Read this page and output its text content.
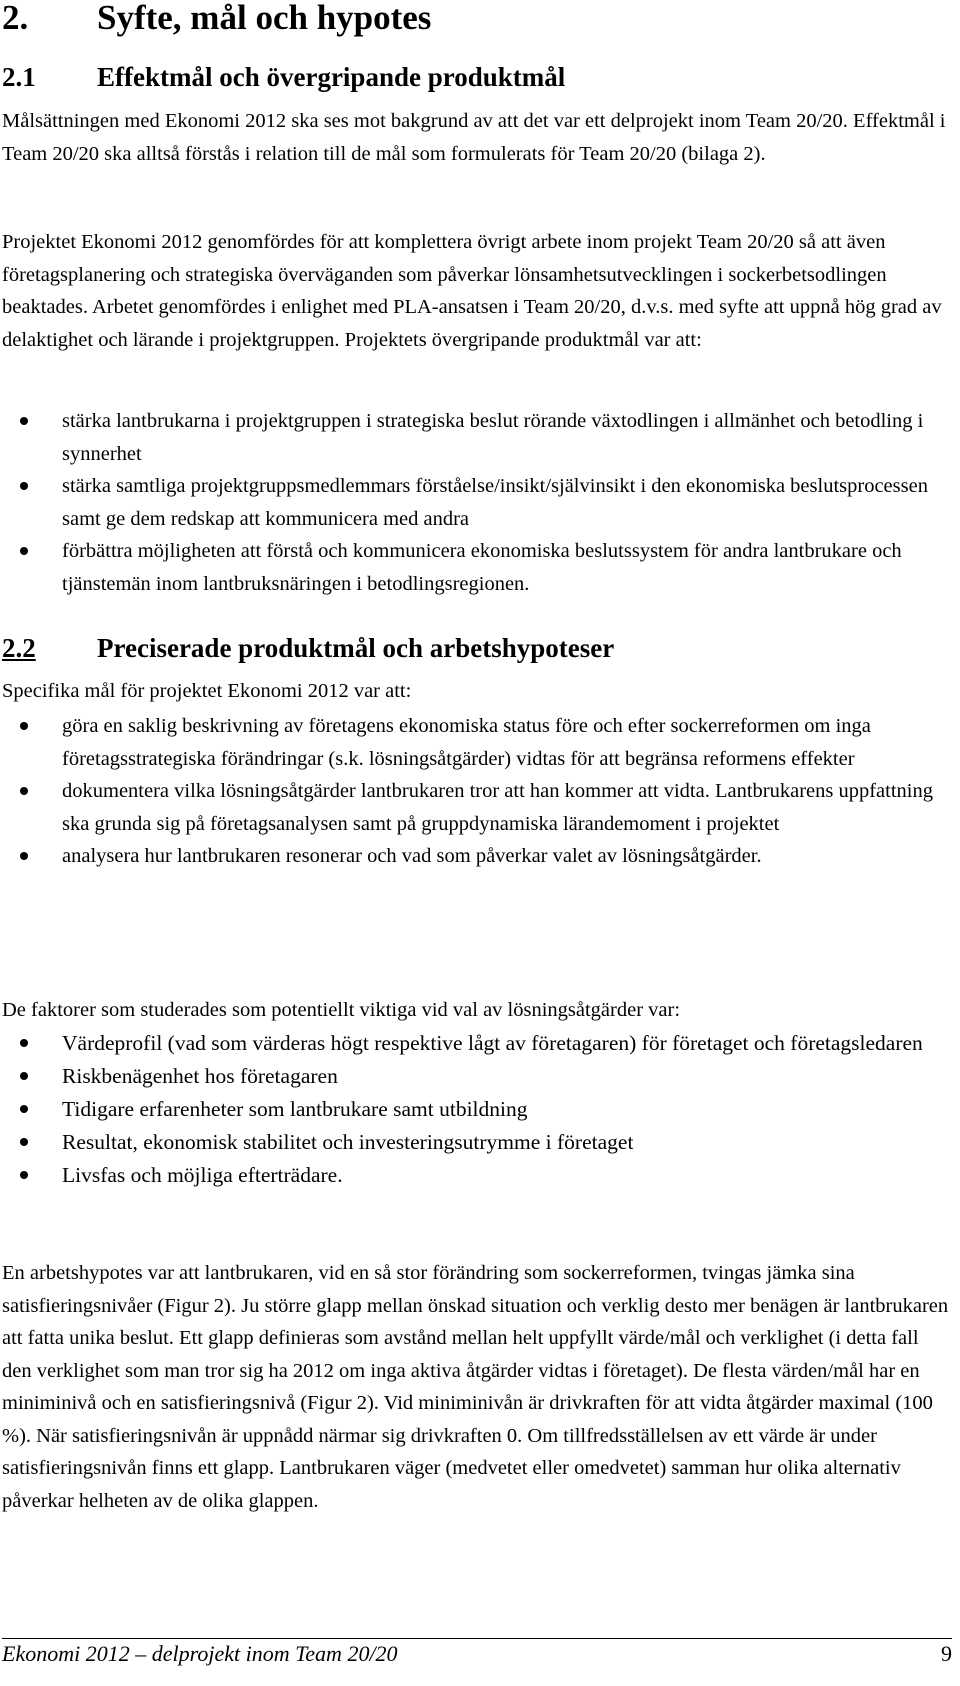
2. Syfte, mål och hypotes
2.1 Effektmål och övergripande produktmål
Målsättningen med Ekonomi 2012 ska ses mot bakgrund av att det var ett delprojekt inom Team 20/20. Effektmål i Team 20/20 ska alltså förstås i relation till de mål som formulerats för Team 20/20 (bilaga 2).
Projektet Ekonomi 2012 genomfördes för att komplettera övrigt arbete inom projekt Team 20/20 så att även företagsplanering och strategiska överväganden som påverkar lönsamhetsutvecklingen i sockerbetsodlingen beaktades. Arbetet genomfördes i enlighet med PLA-ansatsen i Team 20/20, d.v.s. med syfte att uppnå hög grad av delaktighet och lärande i projektgruppen. Projektets övergripande produktmål var att:
stärka lantbrukarna i projektgruppen i strategiska beslut rörande växtodlingen i allmänhet och betodling i synnerhet
stärka samtliga projektgruppsmedlemmars förståelse/insikt/självinsikt i den ekonomiska beslutsprocessen samt ge dem redskap att kommunicera med andra
förbättra möjligheten att förstå och kommunicera ekonomiska beslutssystem för andra lantbrukare och tjänstemän inom lantbruksnäringen i betodlingsregionen.
2.2 Preciserade produktmål och arbetshypoteser
Specifika mål för projektet Ekonomi 2012 var att:
göra en saklig beskrivning av företagens ekonomiska status före och efter sockerreformen om inga företagsstrategiska förändringar (s.k. lösningsåtgärder) vidtas för att begränsa reformens effekter
dokumentera vilka lösningsåtgärder lantbrukaren tror att han kommer att vidta. Lantbrukarens uppfattning ska grunda sig på företagsanalysen samt på gruppdynamiska lärandemoment i projektet
analysera hur lantbrukaren resonerar och vad som påverkar valet av lösningsåtgärder.
De faktorer som studerades som potentiellt viktiga vid val av lösningsåtgärder var:
Värdeprofil (vad som värderas högt respektive lågt av företagaren) för företaget och företagsledaren
Riskbenägenhet hos företagaren
Tidigare erfarenheter som lantbrukare samt utbildning
Resultat, ekonomisk stabilitet och investeringsutrymme i företaget
Livsfas och möjliga efterträdare.
En arbetshypotes var att lantbrukaren, vid en så stor förändring som sockerreformen, tvingas jämka sina satisfieringsnivåer (Figur 2). Ju större glapp mellan önskad situation och verklig desto mer benägen är lantbrukaren att fatta unika beslut. Ett glapp definieras som avstånd mellan helt uppfyllt värde/mål och verklighet (i detta fall den verklighet som man tror sig ha 2012 om inga aktiva åtgärder vidtas i företaget). De flesta värden/mål har en miniminivå och en satisfieringsnivå (Figur 2). Vid miniminivån är drivkraften för att vidta åtgärder maximal (100 %). När satisfieringsnivån är uppnådd närmar sig drivkraften 0. Om tillfredsställelsen av ett värde är under satisfieringsnivån finns ett glapp. Lantbrukaren väger (medvetet eller omedvetet) samman hur olika alternativ påverkar helheten av de olika glappen.
Ekonomi 2012 – delprojekt inom Team 20/20	9
